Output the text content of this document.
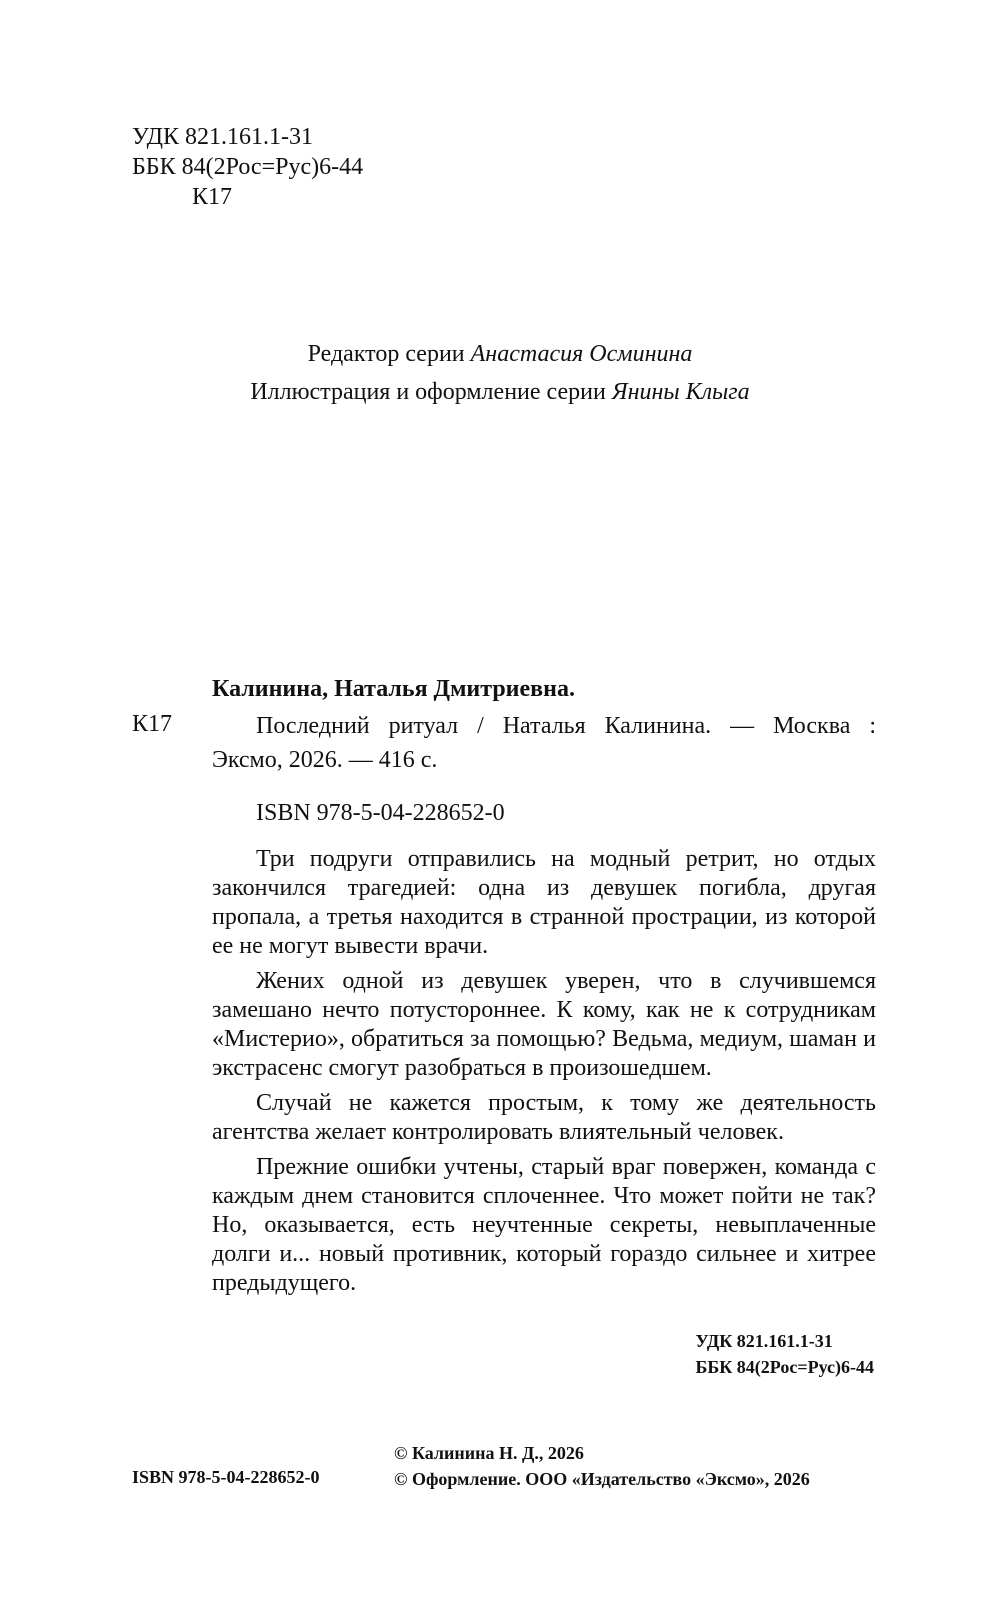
УДК 821.161.1-31
ББК 84(2Рос=Рус)6-44
К17
Редактор серии Анастасия Осминина
Иллюстрация и оформление серии Янины Клыга
Калинина, Наталья Дмитриевна.
К17	Последний ритуал / Наталья Калинина. — Москва :
Эксмо, 2026. — 416 с.
ISBN 978-5-04-228652-0

Три подруги отправились на модный ретрит, но отдых закончился трагедией: одна из девушек погибла, другая пропала, а третья находится в странной прострации, из которой ее не могут вывести врачи.

Жених одной из девушек уверен, что в случившемся замешано нечто потустороннее. К кому, как не к сотрудникам «Мистерио», обратиться за помощью? Ведьма, медиум, шаман и экстрасенс смогут разобраться в произошедшем.

Случай не кажется простым, к тому же деятельность агентства желает контролировать влиятельный человек.

Прежние ошибки учтены, старый враг повержен, команда с каждым днем становится сплоченнее. Что может пойти не так? Но, оказывается, есть неучтенные секреты, невыплаченные долги и... новый противник, который гораздо сильнее и хитрее предыдущего.

УДК 821.161.1-31
ББК 84(2Рос=Рус)6-44
ISBN 978-5-04-228652-0
© Калинина Н. Д., 2026
© Оформление. ООО «Издательство «Эксмо», 2026
